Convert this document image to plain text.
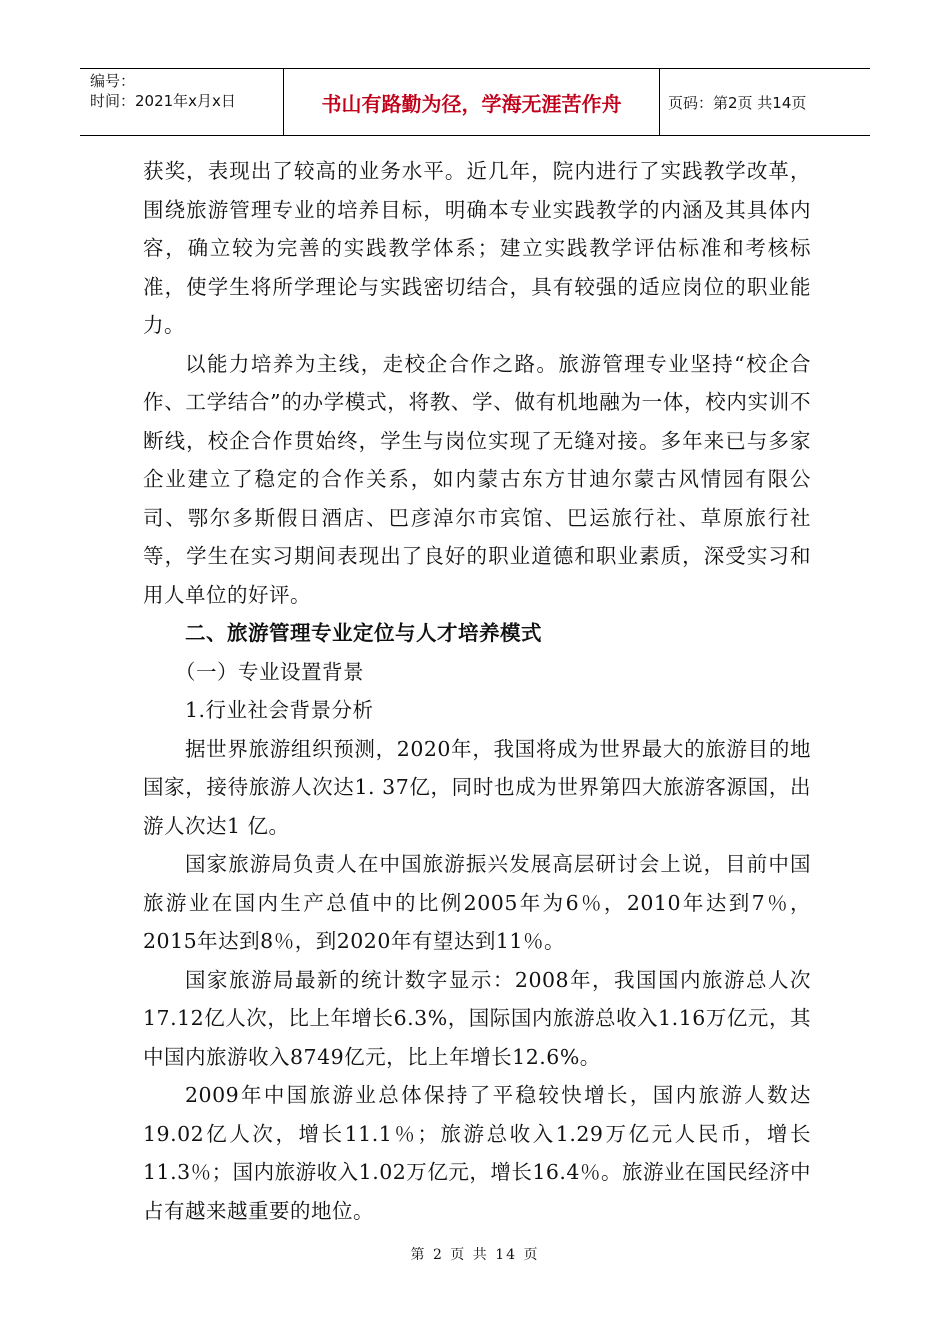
编号：
时间：2021年x月x日	书山有路勤为径，学海无涯苦作舟	页码：第2页 共14页

获奖，表现出了较高的业务水平。近几年，院内进行了实践教学改革，围绕旅游管理专业的培养目标，明确本专业实践教学的内涵及其具体内容，确立较为完善的实践教学体系；建立实践教学评估标准和考核标准，使学生将所学理论与实践密切结合，具有较强的适应岗位的职业能力。

以能力培养为主线，走校企合作之路。旅游管理专业坚持“校企合作、工学结合”的办学模式，将教、学、做有机地融为一体，校内实训不断线，校企合作贯始终，学生与岗位实现了无缝对接。多年来已与多家企业建立了稳定的合作关系，如内蒙古东方甘迪尔蒙古风情园有限公司、鄂尔多斯假日酒店、巴彦淖尔市宾馆、巴运旅行社、草原旅行社等，学生在实习期间表现出了良好的职业道德和职业素质，深受实习和用人单位的好评。

二、旅游管理专业定位与人才培养模式

（一）专业设置背景

1.行业社会背景分析

据世界旅游组织预测，2020年，我国将成为世界最大的旅游目的地国家，接待旅游人次达1. 37亿，同时也成为世界第四大旅游客源国，出游人次达1 亿。

国家旅游局负责人在中国旅游振兴发展高层研讨会上说，目前中国旅游业在国内生产总值中的比例2005年为6％，2010年达到7％，2015年达到8％，到2020年有望达到11％。

国家旅游局最新的统计数字显示：2008年，我国国内旅游总人次17.12亿人次，比上年增长6.3%，国际国内旅游总收入1.16万亿元，其中国内旅游收入8749亿元，比上年增长12.6%。

2009年中国旅游业总体保持了平稳较快增长，国内旅游人数达19.02亿人次，增长11.1％；旅游总收入1.29万亿元人民币，增长11.3％；国内旅游收入1.02万亿元，增长16.4％。旅游业在国民经济中占有越来越重要的地位。

第 2 页 共 14 页
